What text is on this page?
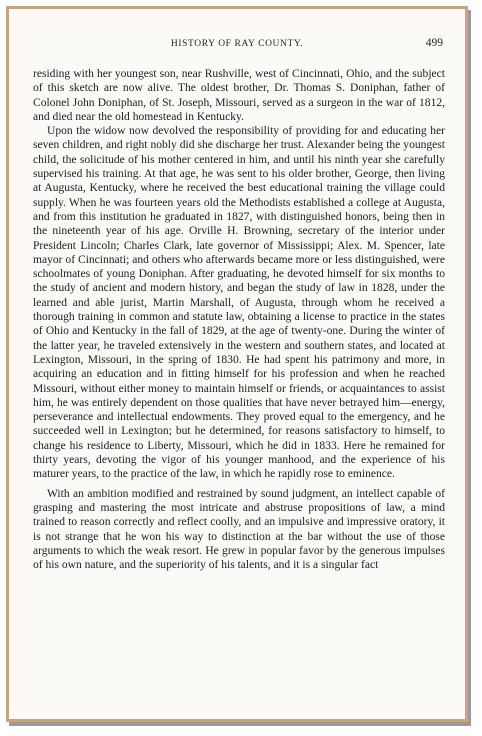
HISTORY OF RAY COUNTY.	499

residing with her youngest son, near Rushville, west of Cincinnati, Ohio, and the subject of this sketch are now alive. The oldest brother, Dr. Thomas S. Doniphan, father of Colonel John Doniphan, of St. Joseph, Missouri, served as a surgeon in the war of 1812, and died near the old homestead in Kentucky.

Upon the widow now devolved the responsibility of providing for and educating her seven children, and right nobly did she discharge her trust. Alexander being the youngest child, the solicitude of his mother centered in him, and until his ninth year she carefully supervised his training. At that age, he was sent to his older brother, George, then living at Augusta, Kentucky, where he received the best educational training the village could supply. When he was fourteen years old the Methodists established a college at Augusta, and from this institution he graduated in 1827, with distinguished honors, being then in the nineteenth year of his age. Orville H. Browning, secretary of the interior under President Lincoln; Charles Clark, late governor of Mississippi; Alex. M. Spencer, late mayor of Cincinnati; and others who afterwards became more or less distinguished, were schoolmates of young Doniphan. After graduating, he devoted himself for six months to the study of ancient and modern history, and began the study of law in 1828, under the learned and able jurist, Martin Marshall, of Augusta, through whom he received a thorough training in common and statute law, obtaining a license to practice in the states of Ohio and Kentucky in the fall of 1829, at the age of twenty-one. During the winter of the latter year, he traveled extensively in the western and southern states, and located at Lexington, Missouri, in the spring of 1830. He had spent his patrimony and more, in acquiring an education and in fitting himself for his profession and when he reached Missouri, without either money to maintain himself or friends, or acquaintances to assist him, he was entirely dependent on those qualities that have never betrayed him—energy, perseverance and intellectual endowments. They proved equal to the emergency, and he succeeded well in Lexington; but he determined, for reasons satisfactory to himself, to change his residence to Liberty, Missouri, which he did in 1833. Here he remained for thirty years, devoting the vigor of his younger manhood, and the experience of his maturer years, to the practice of the law, in which he rapidly rose to eminence.

With an ambition modified and restrained by sound judgment, an intellect capable of grasping and mastering the most intricate and abstruse propositions of law, a mind trained to reason correctly and reflect coolly, and an impulsive and impressive oratory, it is not strange that he won his way to distinction at the bar without the use of those arguments to which the weak resort. He grew in popular favor by the generous impulses of his own nature, and the superiority of his talents, and it is a singular fact
